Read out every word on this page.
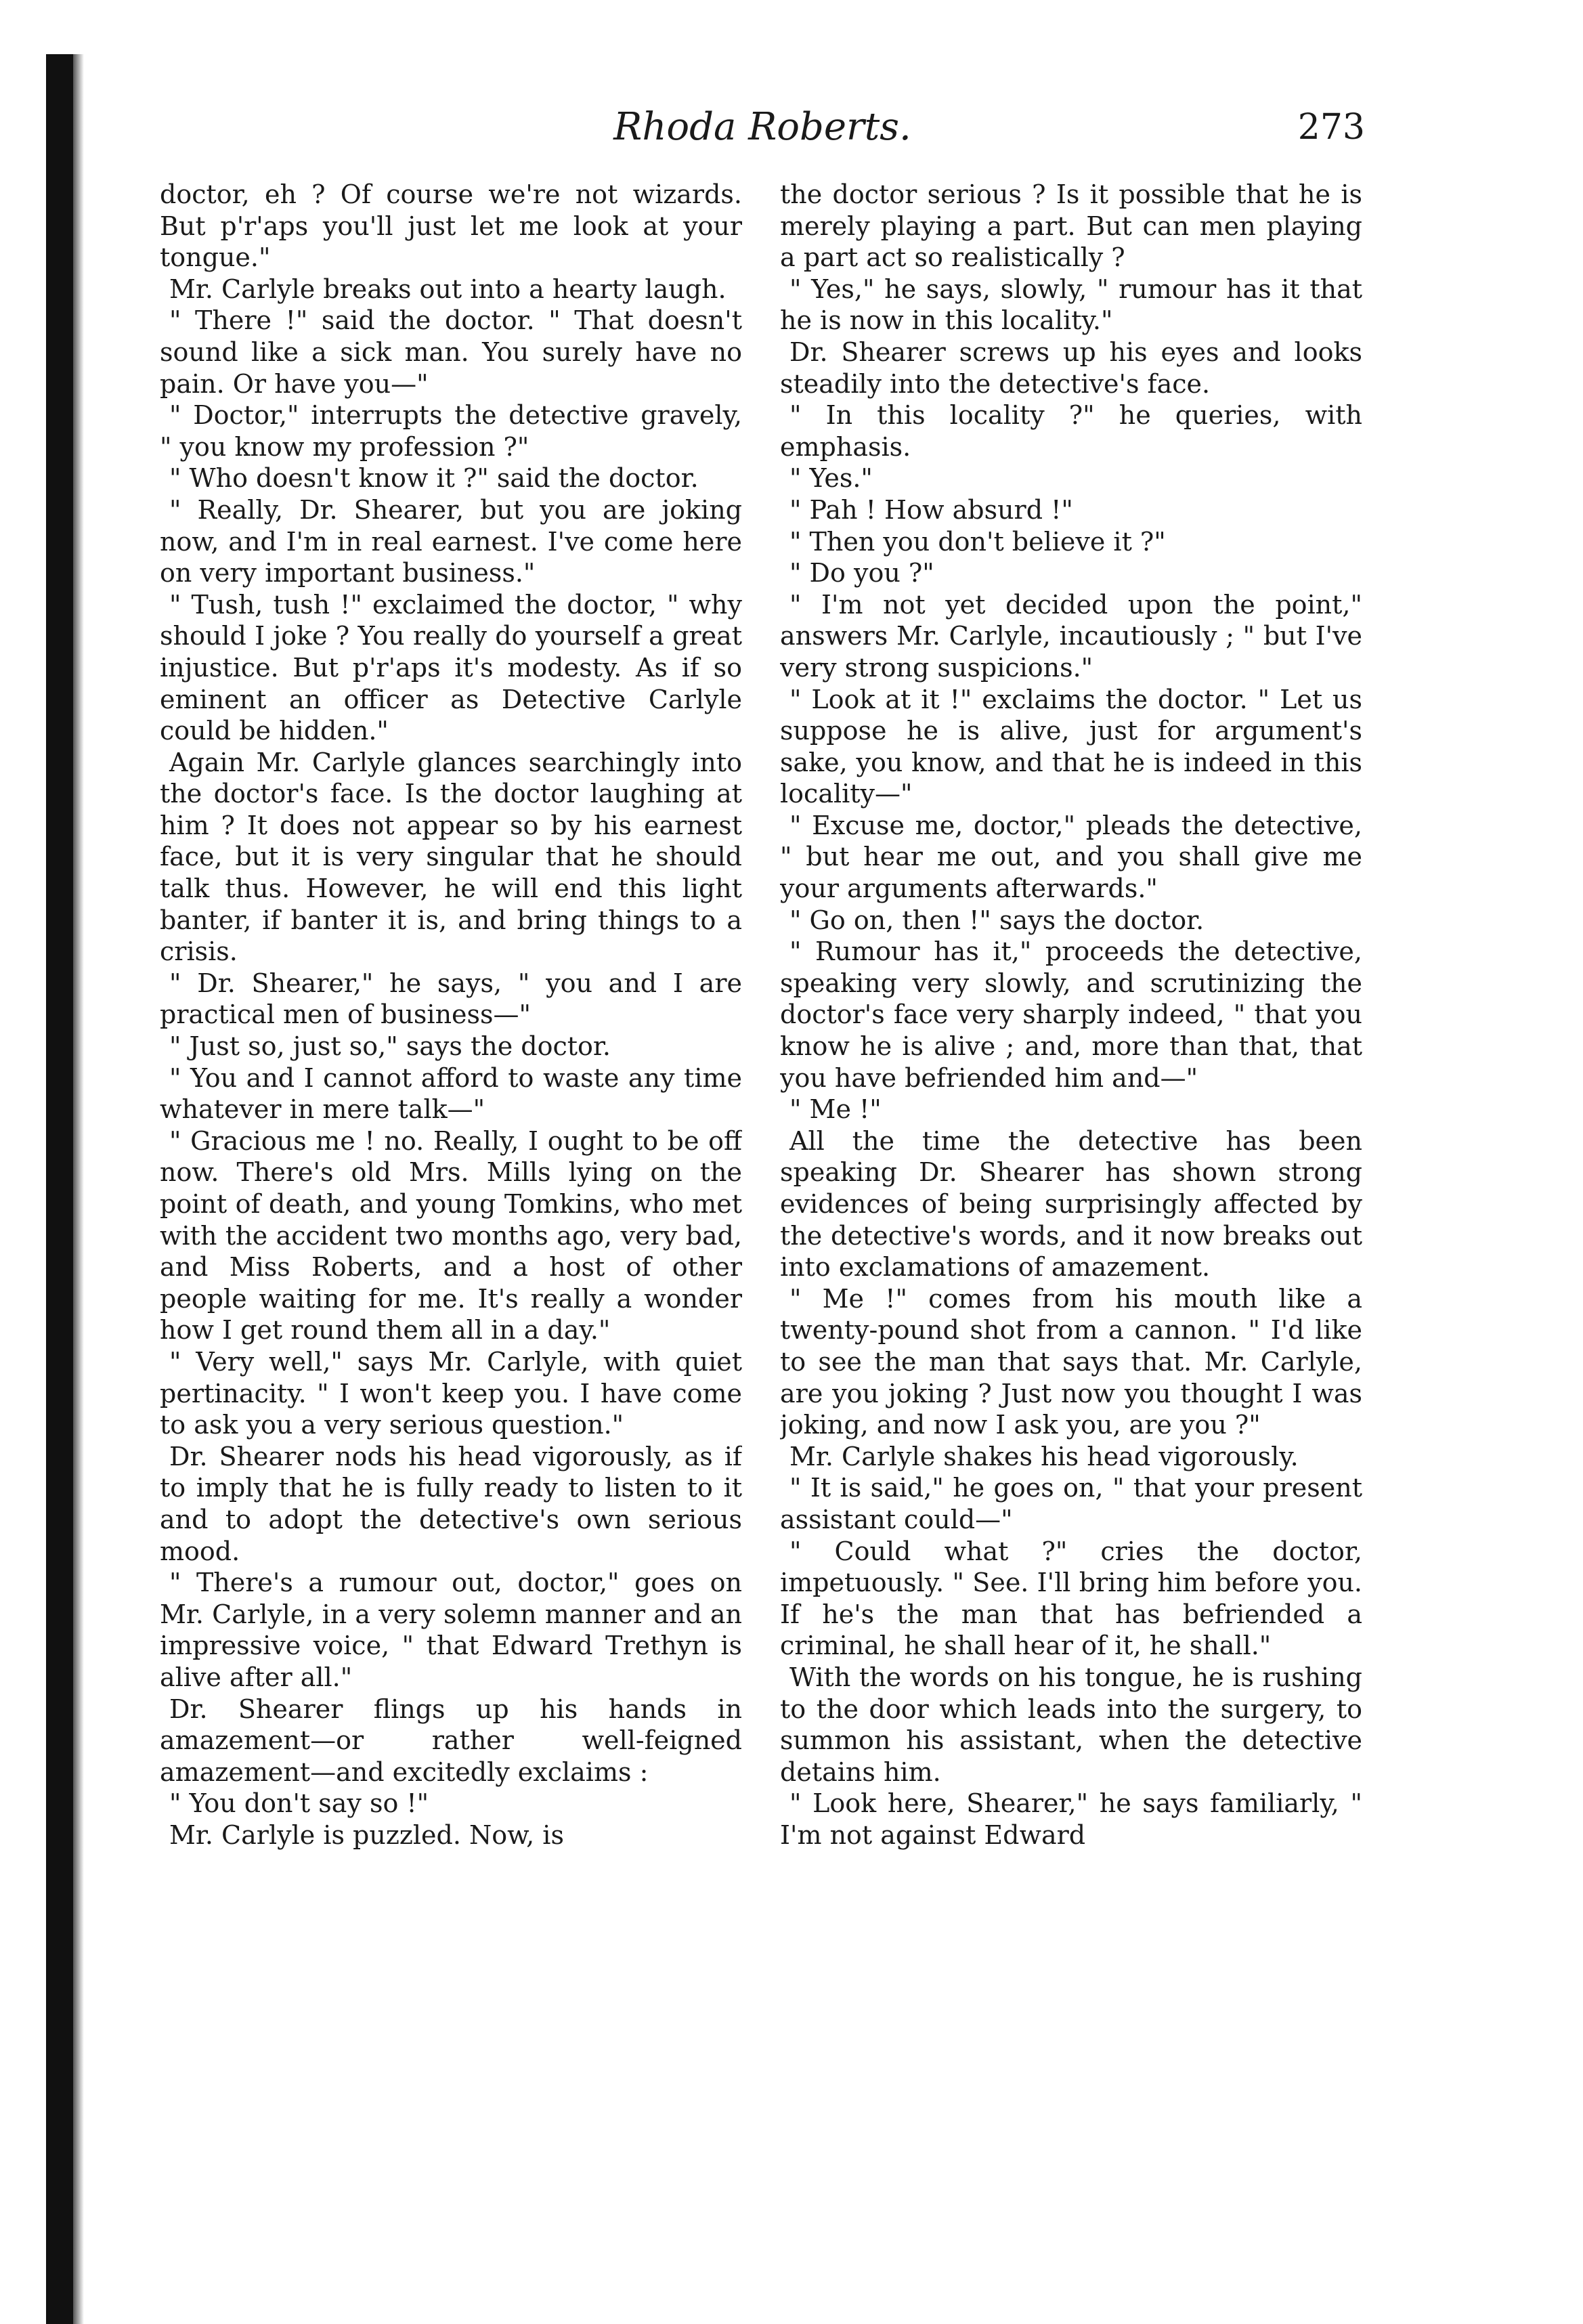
Rhoda Roberts.	273

doctor, eh ? Of course we're not wizards. But p'r'aps you'll just let me look at your tongue."

Mr. Carlyle breaks out into a hearty laugh.

" There !" said the doctor. " That doesn't sound like a sick man. You surely have no pain. Or have you—"

" Doctor," interrupts the detective gravely, " you know my profession ?"

" Who doesn't know it ?" said the doctor.

" Really, Dr. Shearer, but you are joking now, and I'm in real earnest. I've come here on very important business."

" Tush, tush !" exclaimed the doctor, " why should I joke ? You really do yourself a great injustice. But p'r'aps it's modesty. As if so eminent an officer as Detective Carlyle could be hidden."

Again Mr. Carlyle glances searchingly into the doctor's face. Is the doctor laughing at him ? It does not appear so by his earnest face, but it is very singular that he should talk thus. However, he will end this light banter, if banter it is, and bring things to a crisis.

" Dr. Shearer," he says, " you and I are practical men of business—"

" Just so, just so," says the doctor.

" You and I cannot afford to waste any time whatever in mere talk—"

" Gracious me ! no. Really, I ought to be off now. There's old Mrs. Mills lying on the point of death, and young Tomkins, who met with the accident two months ago, very bad, and Miss Roberts, and a host of other people waiting for me. It's really a wonder how I get round them all in a day."

" Very well," says Mr. Carlyle, with quiet pertinacity. " I won't keep you. I have come to ask you a very serious question."

Dr. Shearer nods his head vigorously, as if to imply that he is fully ready to listen to it and to adopt the detective's own serious mood.

" There's a rumour out, doctor," goes on Mr. Carlyle, in a very solemn manner and an impressive voice, " that Edward Trethyn is alive after all."

Dr. Shearer flings up his hands in amazement—or rather well-feigned amazement—and excitedly exclaims :

" You don't say so !"

Mr. Carlyle is puzzled. Now, is

the doctor serious ? Is it possible that he is merely playing a part. But can men playing a part act so realistically ?

" Yes," he says, slowly, " rumour has it that he is now in this locality."

Dr. Shearer screws up his eyes and looks steadily into the detective's face.

" In this locality ?" he queries, with emphasis.

" Yes."

" Pah ! How absurd !"

" Then you don't believe it ?"

" Do you ?"

" I'm not yet decided upon the point," answers Mr. Carlyle, incautiously ; " but I've very strong suspicions."

" Look at it !" exclaims the doctor. " Let us suppose he is alive, just for argument's sake, you know, and that he is indeed in this locality—"

" Excuse me, doctor," pleads the detective, " but hear me out, and you shall give me your arguments afterwards."

" Go on, then !" says the doctor.

" Rumour has it," proceeds the detective, speaking very slowly, and scrutinizing the doctor's face very sharply indeed, " that you know he is alive ; and, more than that, that you have befriended him and—"

" Me !"

All the time the detective has been speaking Dr. Shearer has shown strong evidences of being surprisingly affected by the detective's words, and it now breaks out into exclamations of amazement.

" Me !" comes from his mouth like a twenty-pound shot from a cannon. " I'd like to see the man that says that. Mr. Carlyle, are you joking ? Just now you thought I was joking, and now I ask you, are you ?"

Mr. Carlyle shakes his head vigorously.

" It is said," he goes on, " that your present assistant could—"

" Could what ?" cries the doctor, impetuously. " See. I'll bring him before you. If he's the man that has befriended a criminal, he shall hear of it, he shall."

With the words on his tongue, he is rushing to the door which leads into the surgery, to summon his assistant, when the detective detains him.

" Look here, Shearer," he says familiarly, " I'm not against Edward
